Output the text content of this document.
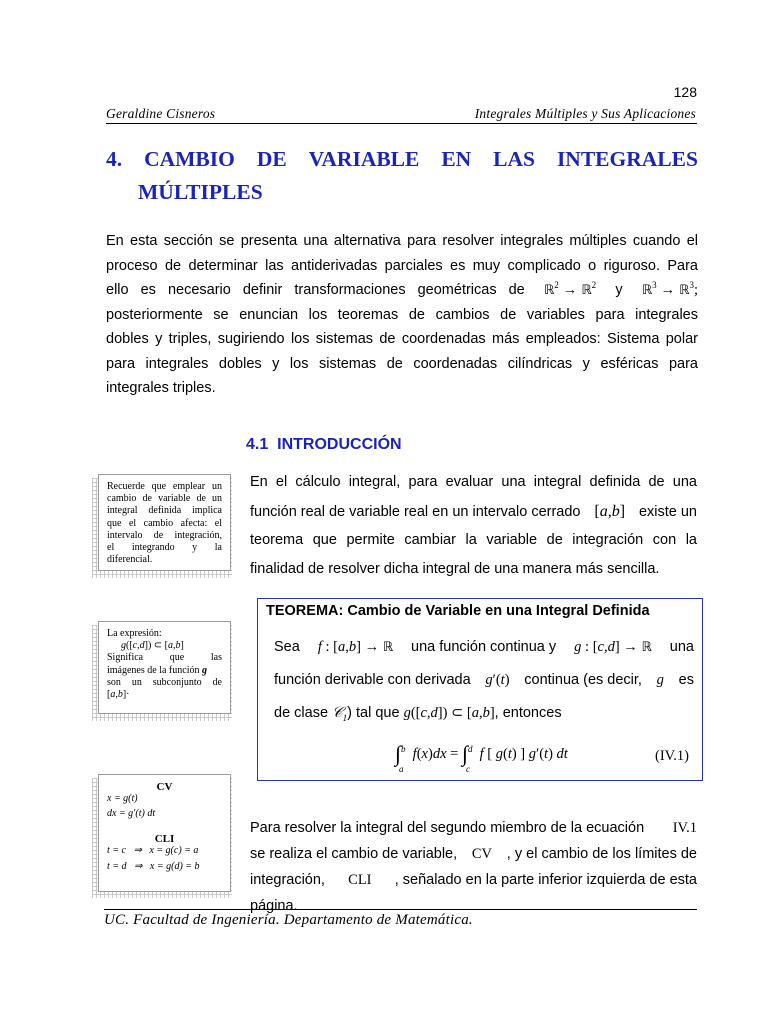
128
Geraldine Cisneros	Integrales Múltiples y Sus Aplicaciones
4. CAMBIO DE VARIABLE EN LAS INTEGRALES
MÚLTIPLES
En esta sección se presenta una alternativa para resolver integrales múltiples cuando el
proceso de determinar las antiderivadas parciales es muy complicado o riguroso. Para
ello es necesario definir transformaciones geométricas de ℝ$^2$ → ℝ$^2$ y ℝ$^3$ → ℝ$^3$;
posteriormente se enuncian los teoremas de cambios de variables para integrales
dobles y triples, sugiriendo los sistemas de coordenadas más empleados: Sistema polar
para integrales dobles y los sistemas de coordenadas cilíndricas y esféricas para
integrales triples.
4.1  INTRODUCCIÓN
Recuerde que emplear un
cambio de variable de un
integral definida implica
que el cambio afecta: el
intervalo de integración,
el integrando y la
diferencial.
En el cálculo integral, para evaluar una integral definida de una
función real de variable real en un intervalo cerrado [a,b] existe un
teorema que permite cambiar la variable de integración con la
finalidad de resolver dicha integral de una manera más sencilla.
La expresión:
g([c,d]) ⊂ [a,b]
Significa que las
imágenes de la función g
son un subconjunto de
[a,b]·
TEOREMA: Cambio de Variable en una Integral Definida
Sea f : [a,b] → ℝ una función continua y g : [c,d] → ℝ una
función derivable con derivada g′(t) continua (es decir, g es
de clase 𝒞$_1$) tal que g([c,d]) ⊂ [a,b], entonces
∫ b
a
f(x)dx = ∫ d
c
f [ g(t) ] g′(t) dt	(IV.1)
CV
x = g(t)
dx = g′(t) dt
CLI
t = c   ⇒   x = g(c) = a
t = d   ⇒   x = g(d) = b
Para resolver la integral del segundo miembro de la ecuación IV.1
se realiza el cambio de variable, CV , y el cambio de los límites de
integración, CLI , señalado en la parte inferior izquierda de esta
página.
UC. Facultad de Ingeniería. Departamento de Matemática.
